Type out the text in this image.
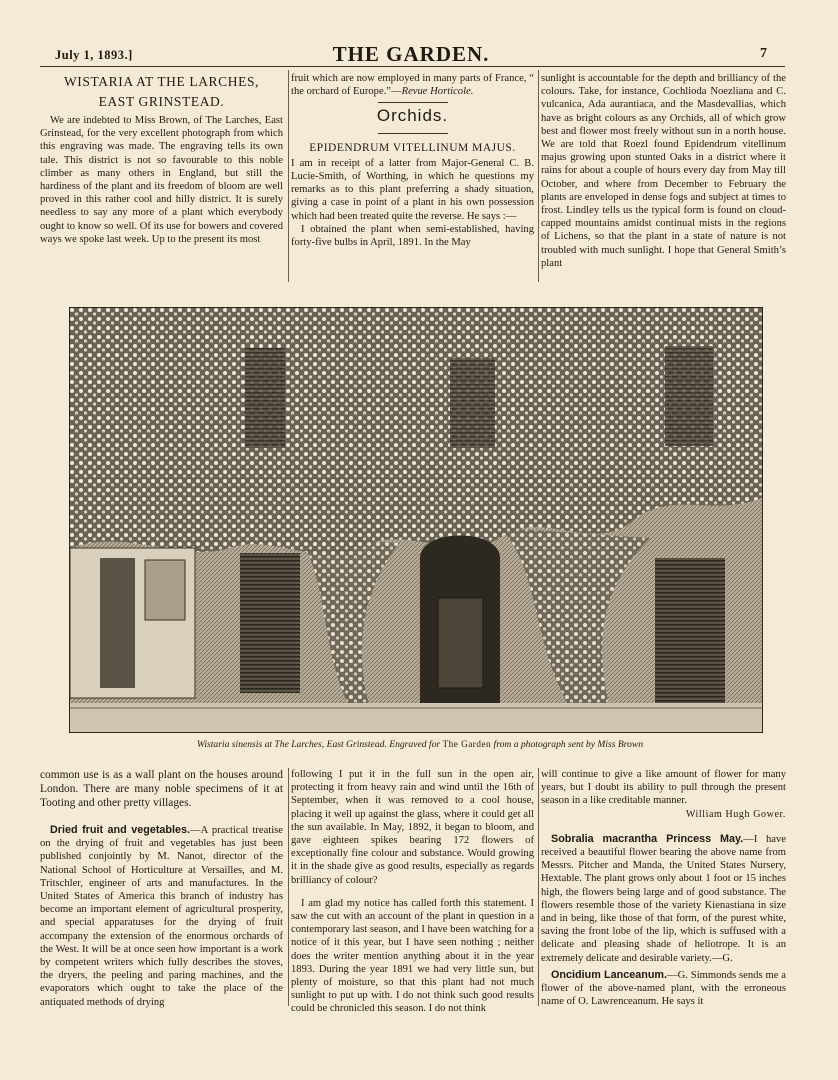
July 1, 1893.]	THE GARDEN.	7
WISTARIA AT THE LARCHES,
EAST GRINSTEAD.

We are indebted to Miss Brown, of The Larches, East Grinstead, for the very excellent photograph from which this engraving was made. The engraving tells its own tale. This district is not so favourable to this noble climber as many others in England, but still the hardiness of the plant and its freedom of bloom are well proved in this rather cool and hilly district. It is surely needless to say any more of a plant which everybody ought to know so well. Of its use for bowers and covered ways we spoke last week. Up to the present its most

fruit which are now employed in many parts of France, “ the orchard of Europe.”—Revue Horticole.

Orchids.
EPIDENDRUM VITELLINUM MAJUS.

I am in receipt of a latter from Major-General C. B. Lucie-Smith, of Worthing, in which he questions my remarks as to this plant preferring a shady situation, giving a case in point of a plant in his own possession which had been treated quite the reverse. He says :—

I obtained the plant when semi-established, having forty-five bulbs in April, 1891. In the May

sunlight is accountable for the depth and brilliancy of the colours. Take, for instance, Cochlioda Noezliana and C. vulcanica, Ada aurantiaca, and the Masdevallias, which have as bright colours as any Orchids, all of which grow best and flower most freely without sun in a north house. We are told that Roezl found Epidendrum vitellinum majus growing upon stunted Oaks in a district where it rains for about a couple of hours every day from May till October, and where from December to February the plants are enveloped in dense fogs and subject at times to frost. Lindley tells us the typical form is found on cloud-capped mountains amidst continual mists in the regions of Lichens, so that the plant in a state of nature is not troubled with much sunlight. I hope that General Smith’s plant

Wistaria sinensis at The Larches, East Grinstead. Engraved for The Garden from a photograph sent by Miss Brown

common use is as a wall plant on the houses around London. There are many noble specimens of it at Tooting and other pretty villages.

Dried fruit and vegetables.—A practical treatise on the drying of fruit and vegetables has just been published conjointly by M. Nanot, director of the National School of Horticulture at Versailles, and M. Tritschler, engineer of arts and manufactures. In the United States of America this branch of industry has become an important element of agricultural prosperity, and special apparatuses for the drying of fruit accompany the extension of the enormous orchards of the West. It will be at once seen how important is a work by competent writers which fully describes the stoves, the dryers, the peeling and paring machines, and the evaporators which ought to take the place of the antiquated methods of drying

following I put it in the full sun in the open air, protecting it from heavy rain and wind until the 16th of September, when it was removed to a cool house, placing it well up against the glass, where it could get all the sun available. In May, 1892, it began to bloom, and gave eighteen spikes bearing 172 flowers of exceptionally fine colour and substance. Would growing it in the shade give as good results, especially as regards brilliancy of colour?

I am glad my notice has called forth this statement. I saw the cut with an account of the plant in question in a contemporary last season, and I have been watching for a notice of it this year, but I have seen nothing ; neither does the writer mention anything about it in the year 1893. During the year 1891 we had very little sun, but plenty of moisture, so that this plant had not much sunlight to put up with. I do not think such good results could be chronicled this season. I do not think

will continue to give a like amount of flower for many years, but I doubt its ability to pull through the present season in a like creditable manner.

William Hugh Gower.

Sobralia macrantha Princess May.—I have received a beautiful flower bearing the above name from Messrs. Pitcher and Manda, the United States Nursery, Hextable. The plant grows only about 1 foot or 15 inches high, the flowers being large and of good substance. The flowers resemble those of the variety Kienastiana in size and in being, like those of that form, of the purest white, saving the front lobe of the lip, which is suffused with a delicate and pleasing shade of heliotrope. It is an extremely delicate and desirable variety.—G.

Oncidium Lanceanum.—G. Simmonds sends me a flower of the above-named plant, with the erroneous name of O. Lawrenceanum. He says it
